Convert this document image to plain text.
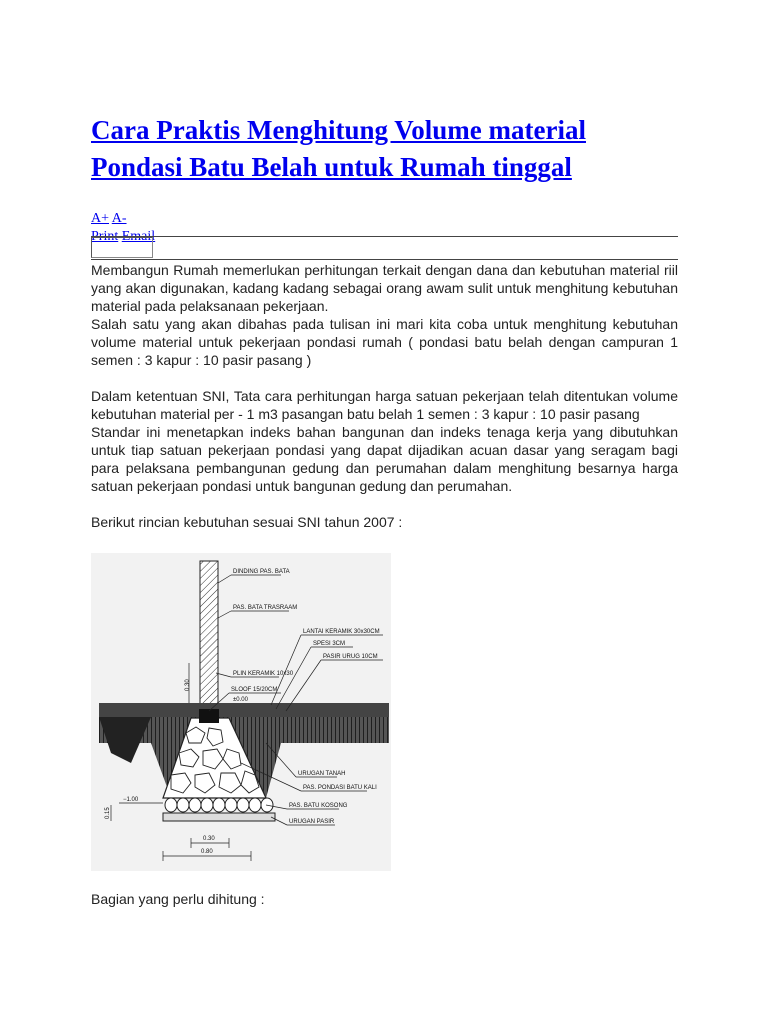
Cara Praktis Menghitung Volume material Pondasi Batu Belah untuk Rumah tinggal
A+ A-
Print Email

Membangun Rumah memerlukan perhitungan terkait dengan dana dan kebutuhan material riil yang akan digunakan, kadang kadang sebagai orang awam sulit untuk menghitung kebutuhan material pada pelaksanaan pekerjaan.

Salah satu yang akan dibahas pada tulisan ini mari kita coba untuk menghitung kebutuhan volume material untuk pekerjaan pondasi rumah ( pondasi batu belah dengan campuran 1 semen : 3 kapur : 10 pasir pasang )

Dalam ketentuan SNI, Tata cara perhitungan harga satuan pekerjaan telah ditentukan volume kebutuhan material per - 1 m3 pasangan batu belah 1 semen : 3 kapur : 10 pasir pasang

Standar ini menetapkan indeks bahan bangunan dan indeks tenaga kerja yang dibutuhkan untuk tiap satuan pekerjaan pondasi yang dapat dijadikan acuan dasar yang seragam bagi para pelaksana pembangunan gedung dan perumahan dalam menghitung besarnya harga satuan pekerjaan pondasi untuk bangunan gedung dan perumahan.

Berikut rincian kebutuhan sesuai SNI tahun 2007 :

DINDING PAS. BATA
PAS. BATA TRASRAAM
LANTAI KERAMIK 30x30CM
SPESI 3CM
PLIN KERAMIK 10x30
PASIR URUG 10CM
SLOOF 15/20CM
±0.00
URUGAN TANAH
PAS. PONDASI BATU KALI
PAS. BATU KOSONG
URUGAN PASIR
−1.00
0.30
0.80
0.15
0.30
Bagian yang perlu dihitung :
